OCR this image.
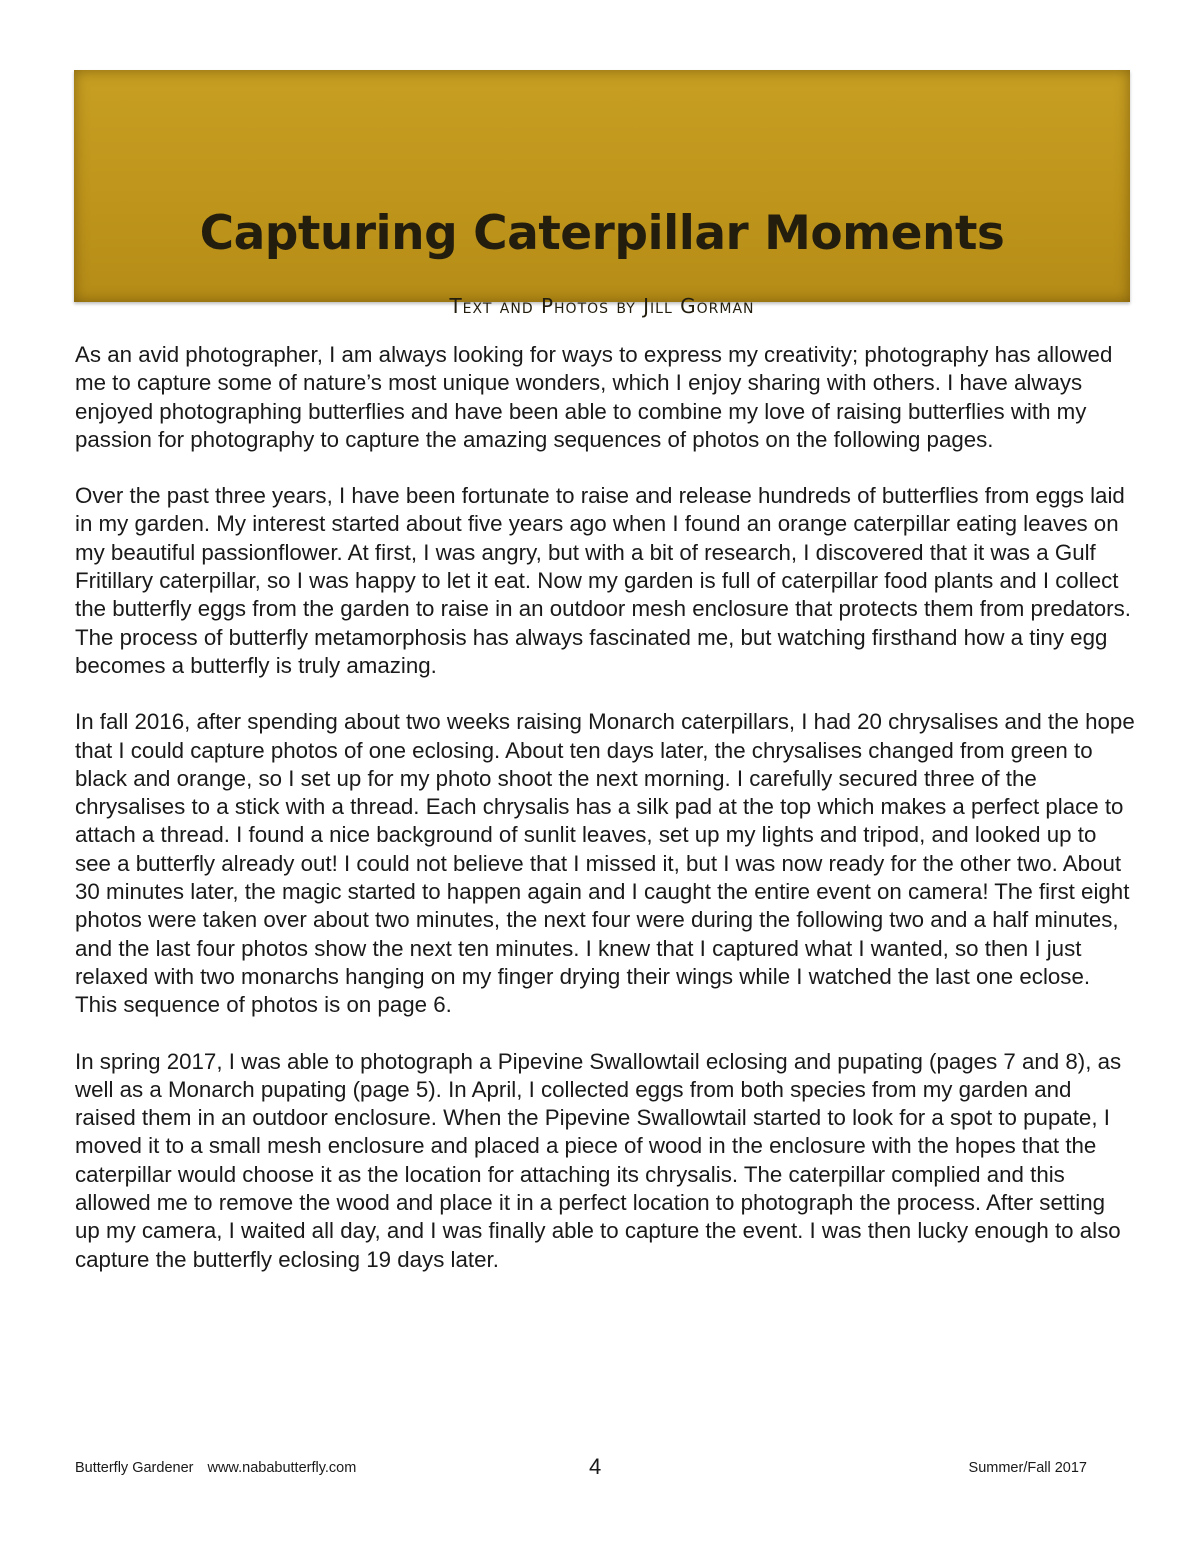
Capturing Caterpillar Moments
Text and Photos by Jill Gorman

As an avid photographer, I am always looking for ways to express my creativity; photography has allowed me to capture some of nature’s most unique wonders, which I enjoy sharing with others. I have always enjoyed photographing butterflies and have been able to combine my love of raising butterflies with my passion for photography to capture the amazing sequences of photos on the following pages.

Over the past three years, I have been fortunate to raise and release hundreds of butterflies from eggs laid in my garden. My interest started about five years ago when I found an orange caterpillar eating leaves on my beautiful passionflower. At first, I was angry, but with a bit of research, I discovered that it was a Gulf Fritillary caterpillar, so I was happy to let it eat. Now my garden is full of caterpillar food plants and I collect the butterfly eggs from the garden to raise in an outdoor mesh enclosure that protects them from predators. The process of butterfly metamorphosis has always fascinated me, but watching firsthand how a tiny egg becomes a butterfly is truly amazing.

In fall 2016, after spending about two weeks raising Monarch caterpillars, I had 20 chrysalises and the hope that I could capture photos of one eclosing. About ten days later, the chrysalises changed from green to black and orange, so I set up for my photo shoot the next morning. I carefully secured three of the chrysalises to a stick with a thread. Each chrysalis has a silk pad at the top which makes a perfect place to attach a thread. I found a nice background of sunlit leaves, set up my lights and tripod, and looked up to see a butterfly already out! I could not believe that I missed it, but I was now ready for the other two. About 30 minutes later, the magic started to happen again and I caught the entire event on camera! The first eight photos were taken over about two minutes, the next four were during the following two and a half minutes, and the last four photos show the next ten minutes. I knew that I captured what I wanted, so then I just relaxed with two monarchs hanging on my finger drying their wings while I watched the last one eclose. This sequence of photos is on page 6.

In spring 2017, I was able to photograph a Pipevine Swallowtail eclosing and pupating (pages 7 and 8), as well as a Monarch pupating (page 5). In April, I collected eggs from both species from my garden and raised them in an outdoor enclosure. When the Pipevine Swallowtail started to look for a spot to pupate, I moved it to a small mesh enclosure and placed a piece of wood in the enclosure with the hopes that the caterpillar would choose it as the location for attaching its chrysalis. The caterpillar complied and this allowed me to remove the wood and place it in a perfect location to photograph the process. After setting up my camera, I waited all day, and I was finally able to capture the event. I was then lucky enough to also capture the butterfly eclosing 19 days later.

Butterfly Gardener www.nababutterfly.com	4	Summer/Fall 2017
